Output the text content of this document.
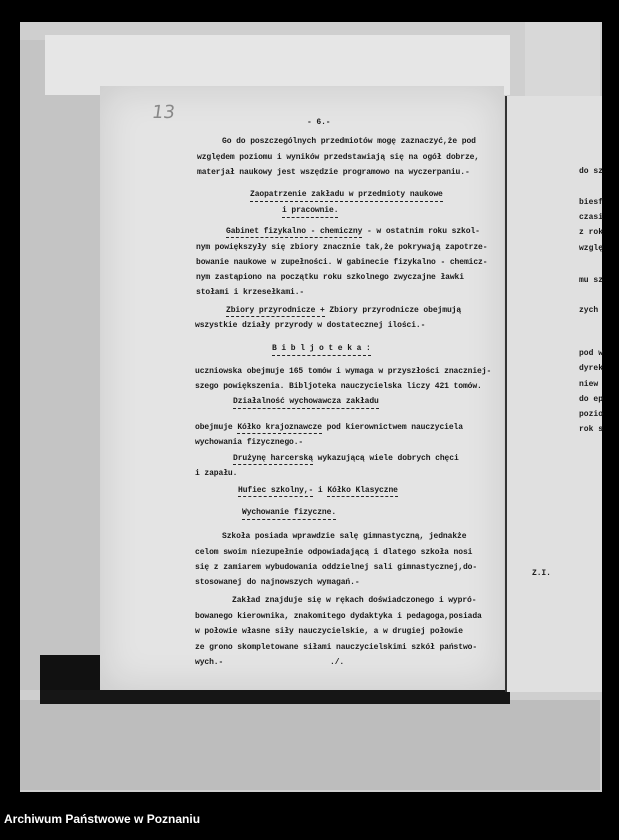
13	- 6.-
Go do poszczególnych przedmiotów mogę zaznaczyć,że pod
względem poziomu i wyników przedstawiają się na ogół dobrze,
materjał naukowy jest wszędzie programowo na wyczerpaniu.-
Zaopatrzenie zakładu w przedmioty naukowe
i pracownie.
Gabinet fizykalno - chemiczny - w ostatnim roku szkol-
nym powiększyły się zbiory znacznie tak,że pokrywają zapotrze-
bowanie naukowe w zupełności. W gabinecie fizykalno - chemicz-
nym zastąpiono na początku roku szkolnego zwyczajne ławki
stołami i krzesełkami.-
Zbiory przyrodnicze + Zbiory przyrodnicze obejmują
wszystkie działy przyrody w dostatecznej ilości.-
B i b l j o t e k a :
uczniowska obejmuje 165 tomów i wymaga w przyszłości znaczniej-
szego powiększenia. Bibljoteka nauczycielska liczy 421 tomów.
Działalność wychowawcza zakładu
obejmuje Kółko krajoznawcze pod kierownictwem nauczyciela
wychowania fizycznego.-
Drużynę harcerską wykazującą wiele dobrych chęci
i zapału.
Hufiec szkolny,- i Kółko Klasyczne
Wychowanie fizyczne.
Szkoła posiada wprawdzie salę gimnastyczną, jednakże
celom swoim niezupełnie odpowiadającą i dlatego szkoła nosi
się z zamiarem wybudowania oddzielnej sali gimnastycznej,do-
stosowanej do najnowszych wymagań.-
Zakład znajduje się w rękach doświadczonego i wypró-
bowanego kierownika, znakomitego dydaktyka i pedagoga,posiada
w połowie własne siły nauczycielskie, a w drugiej połowie
ze grono skompletowane siłami nauczycielskimi szkół państwo-
wych.-	./.
Z.I.
do sz
biesf
czasi
z rok
wzglę
mu sz
zych
pod w
dyrek
niew
do ep
pozio
rok s
Archiwum Państwowe w Poznaniu
